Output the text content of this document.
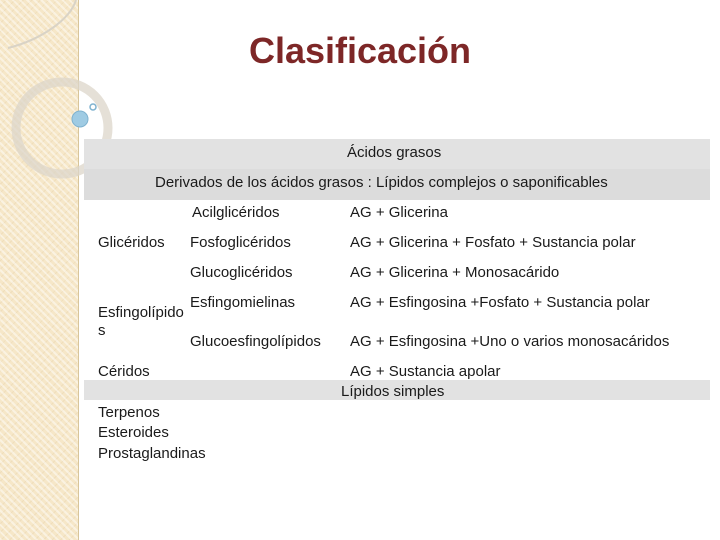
Clasificación
Ácidos grasos
Derivados de los ácidos grasos : Lípidos complejos o saponificables
Glicéridos
Acilglicéridos	AG + Glicerina
Fosfoglicéridos	AG + Glicerina + Fosfato + Sustancia polar
Glucoglicéridos	AG + Glicerina + Monosacárido
Esfingolípido
s
Esfingomielinas	AG + Esfingosina +Fosfato + Sustancia polar
Glucoesfingolípidos AG + Esfingosina +Uno o varios monosacáridos
Céridos	AG + Sustancia apolar
Lípidos simples
Terpenos
Esteroides
Prostaglandinas
